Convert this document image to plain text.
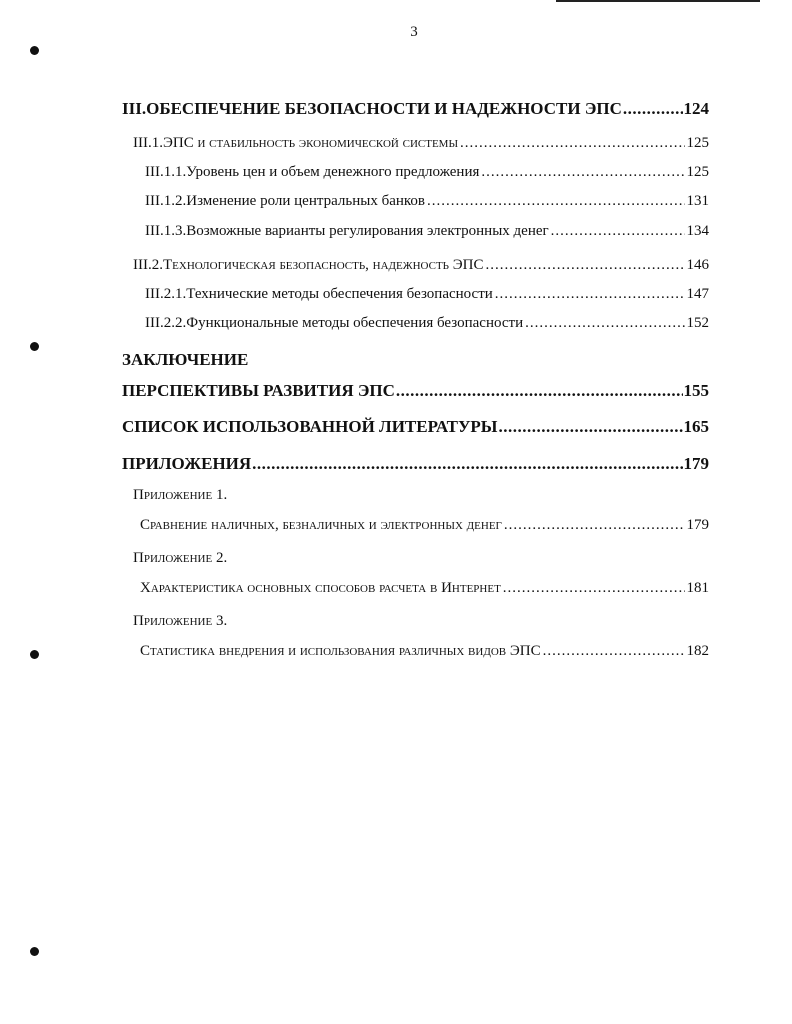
3
III. ОБЕСПЕЧЕНИЕ БЕЗОПАСНОСТИ И НАДЕЖНОСТИ ЭПС .....	124
III.1. ЭПС и стабильность экономической системы .....	125
III.1.1. Уровень цен и объем денежного предложения .....	125
III.1.2. Изменение роли центральных банков .....	131
III.1.3. Возможные варианты регулирования электронных денег .....	134
III.2. Технологическая безопасность, надежность ЭПС .....	146
III.2.1. Технические методы обеспечения безопасности .....	147
III.2.2. Функциональные методы обеспечения безопасности .....	152
ЗАКЛЮЧЕНИЕ
ПЕРСПЕКТИВЫ РАЗВИТИЯ ЭПС .....	155
СПИСОК ИСПОЛЬЗОВАННОЙ ЛИТЕРАТУРЫ .....	165
ПРИЛОЖЕНИЯ .....	179
Приложение 1.
Сравнение наличных, безналичных и электронных денег .....	179
Приложение 2.
Характеристика основных способов расчета в Интернет .....	181
Приложение 3.
Статистика внедрения и использования различных видов ЭПС .....	182
